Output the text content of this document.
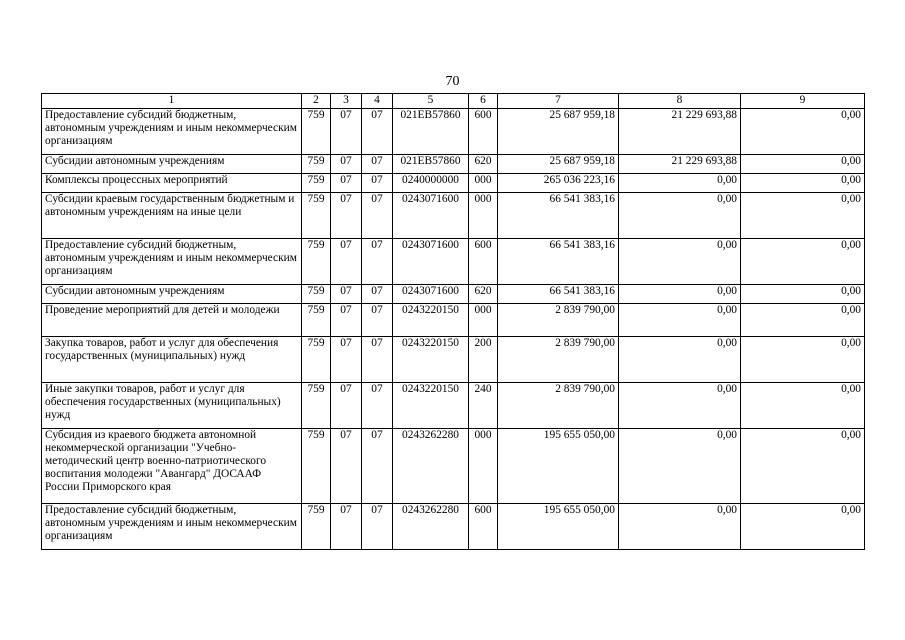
70
1	2	3	4	5	6	7	8	9
Предоставление субсидий бюджетным, автономным учреждениям и иным некоммерческим организациям	759	07	07	021EB57860	600	25 687 959,18	21 229 693,88	0,00
Субсидии автономным учреждениям	759	07	07	021EB57860	620	25 687 959,18	21 229 693,88	0,00
Комплексы процессных мероприятий	759	07	07	0240000000	000	265 036 223,16	0,00	0,00
Субсидии краевым государственным бюджетным и автономным учреждениям на иные цели	759	07	07	0243071600	000	66 541 383,16	0,00	0,00
Предоставление субсидий бюджетным, автономным учреждениям и иным некоммерческим организациям	759	07	07	0243071600	600	66 541 383,16	0,00	0,00
Субсидии автономным учреждениям	759	07	07	0243071600	620	66 541 383,16	0,00	0,00
Проведение мероприятий для детей и молодежи	759	07	07	0243220150	000	2 839 790,00	0,00	0,00
Закупка товаров, работ и услуг для обеспечения государственных (муниципальных) нужд	759	07	07	0243220150	200	2 839 790,00	0,00	0,00
Иные закупки товаров, работ и услуг для обеспечения государственных (муниципальных) нужд	759	07	07	0243220150	240	2 839 790,00	0,00	0,00
Субсидия из краевого бюджета автономной некоммерческой организации "Учебно-методический центр военно-патриотического воспитания молодежи "Авангард" ДОСААФ России Приморского края	759	07	07	0243262280	000	195 655 050,00	0,00	0,00
Предоставление субсидий бюджетным, автономным учреждениям и иным некоммерческим организациям	759	07	07	0243262280	600	195 655 050,00	0,00	0,00
